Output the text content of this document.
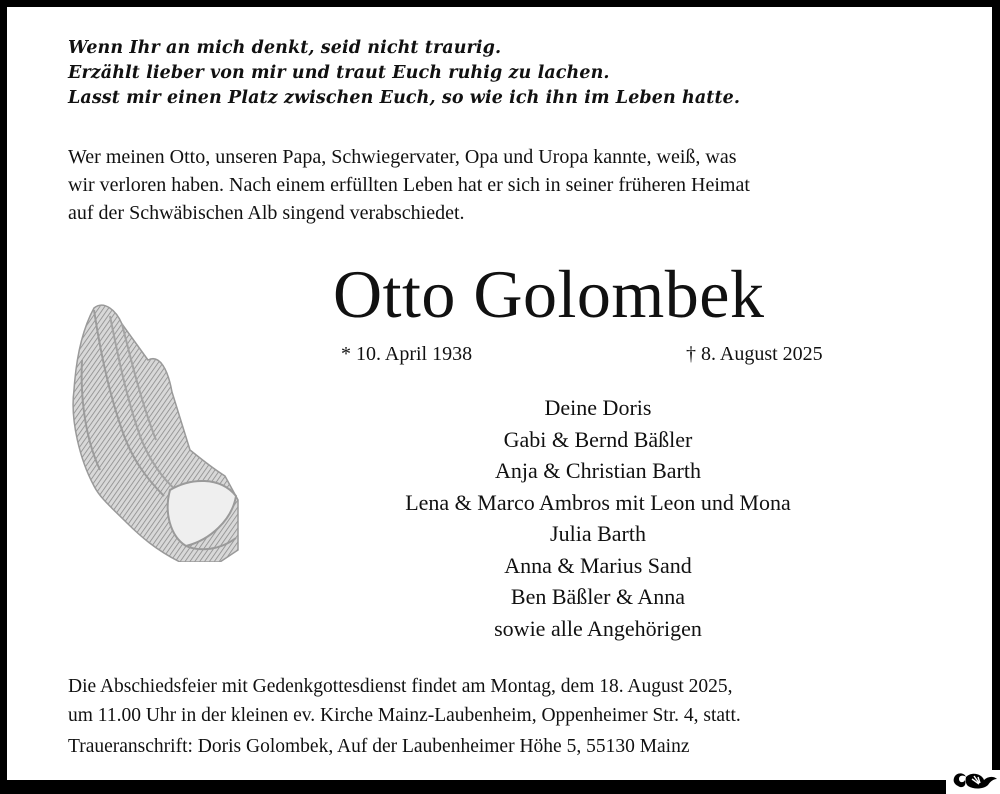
Wenn Ihr an mich denkt, seid nicht traurig.
Erzählt lieber von mir und traut Euch ruhig zu lachen.
Lasst mir einen Platz zwischen Euch, so wie ich ihn im Leben hatte.
Wer meinen Otto, unseren Papa, Schwiegervater, Opa und Uropa kannte, weiß, was
wir verloren haben. Nach einem erfüllten Leben hat er sich in seiner früheren Heimat
auf der Schwäbischen Alb singend verabschiedet.
Otto Golombek
* 10. April 1938	† 8. August 2025
Deine Doris
Gabi & Bernd Bäßler
Anja & Christian Barth
Lena & Marco Ambros mit Leon und Mona
Julia Barth
Anna & Marius Sand
Ben Bäßler & Anna
sowie alle Angehörigen
Die Abschiedsfeier mit Gedenkgottesdienst findet am Montag, dem 18. August 2025,
um 11.00 Uhr in der kleinen ev. Kirche Mainz-Laubenheim, Oppenheimer Str. 4, statt.
Traueranschrift: Doris Golombek, Auf der Laubenheimer Höhe 5, 55130 Mainz
